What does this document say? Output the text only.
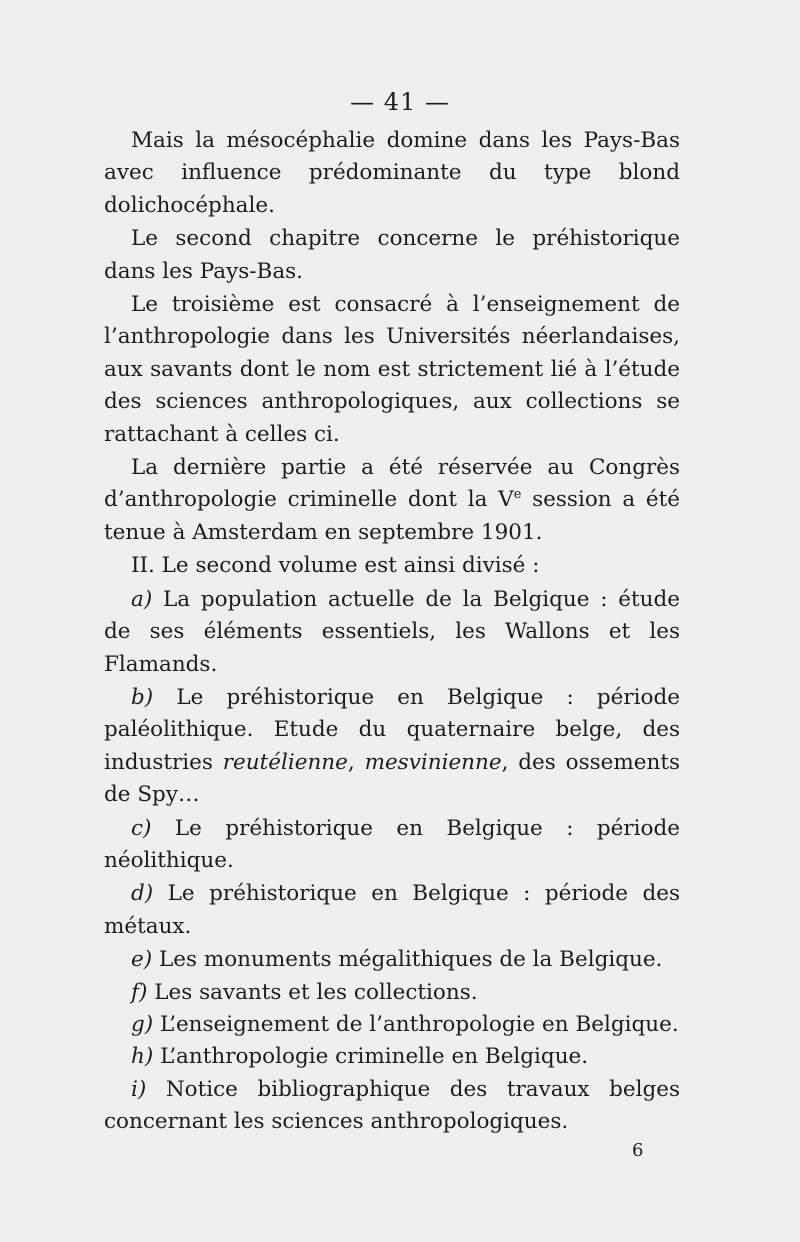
— 41 —

Mais la mésocéphalie domine dans les Pays-Bas avec influence prédominante du type blond dolichocéphale.

Le second chapitre concerne le préhistorique dans les Pays-Bas.

Le troisième est consacré à l’enseignement de l’anthropologie dans les Universités néerlandaises, aux savants dont le nom est strictement lié à l’étude des sciences anthropologiques, aux collections se rattachant à celles ci.

La dernière partie a été réservée au Congrès d’anthropologie criminelle dont la Ve session a été tenue à Amsterdam en septembre 1901.

II. Le second volume est ainsi divisé :

a) La population actuelle de la Belgique : étude de ses éléments essentiels, les Wallons et les Flamands.

b) Le préhistorique en Belgique : période paléolithique. Etude du quaternaire belge, des industries reutélienne, mesvinienne, des ossements de Spy…

c) Le préhistorique en Belgique : période néolithique.

d) Le préhistorique en Belgique : période des métaux.

e) Les monuments mégalithiques de la Belgique.

f) Les savants et les collections.

g) L’enseignement de l’anthropologie en Belgique.

h) L’anthropologie criminelle en Belgique.

i) Notice bibliographique des travaux belges concernant les sciences anthropologiques.

6
